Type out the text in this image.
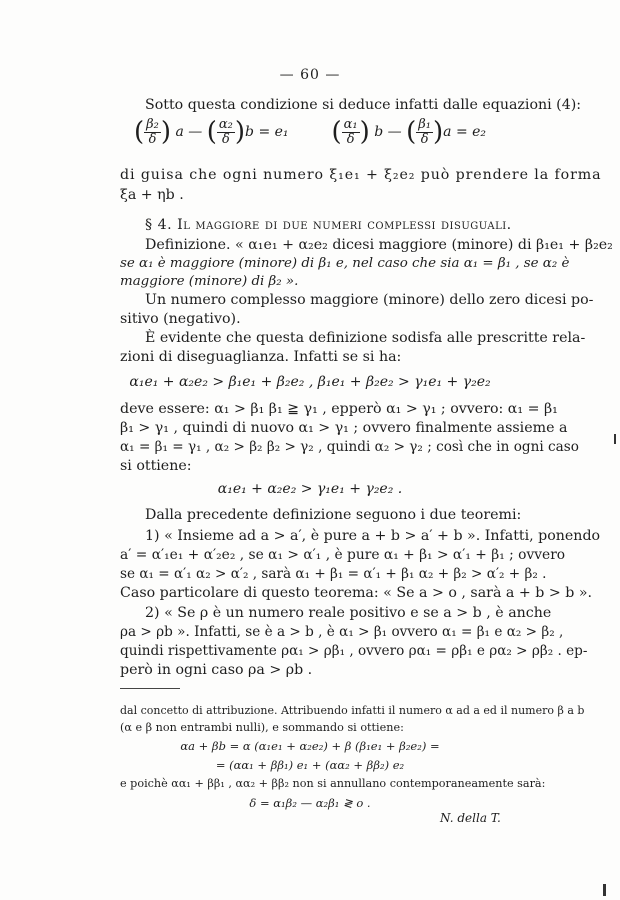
— 60 —
Sotto questa condizione si deduce infatti dalle equazioni (4):
( $\frac{\text{β₂}}{\delta}$ ) a — ( $\frac{\text{α₂}}{\delta} )b = e_1$ ( $\frac{\text{α₁}}{\delta}$ ) b — ( $\frac{\text{β₁}}{\delta} )a = e_2$
di guisa che ogni numero ξ₁e₁ + ξ₂e₂ può prendere la forma
ξa + ηb .
§ 4. Il maggiore di due numeri complessi disuguali.
Definizione. « α₁e₁ + α₂e₂ dicesi maggiore (minore) di β₁e₁ + β₂e₂
se α₁ è maggiore (minore) di β₁ e, nel caso che sia α₁ = β₁ , se α₂ è
maggiore (minore) di β₂ ».
Un numero complesso maggiore (minore) dello zero dicesi po-
sitivo (negativo).
È evidente che questa definizione sodisfa alle prescritte rela-
zioni di diseguaglianza. Infatti se si ha:
α₁e₁ + α₂e₂ > β₁e₁ + β₂e₂ , β₁e₁ + β₂e₂ > γ₁e₁ + γ₂e₂
deve essere: α₁ > β₁ β₁ ≧ γ₁ , epperò α₁ > γ₁ ; ovvero: α₁ = β₁
β₁ > γ₁ , quindi di nuovo α₁ > γ₁ ; ovvero finalmente assieme a
α₁ = β₁ = γ₁ , α₂ > β₂ β₂ > γ₂ , quindi α₂ > γ₂ ; così che in ogni caso
si ottiene:
α₁e₁ + α₂e₂ > γ₁e₁ + γ₂e₂ .
Dalla precedente definizione seguono i due teoremi:
1) « Insieme ad a > a′, è pure a + b > a′ + b ». Infatti, ponendo
a′ = α′₁e₁ + α′₂e₂ , se α₁ > α′₁ , è pure α₁ + β₁ > α′₁ + β₁ ; ovvero
se α₁ = α′₁ α₂ > α′₂ , sarà α₁ + β₁ = α′₁ + β₁ α₂ + β₂ > α′₂ + β₂ .
Caso particolare di questo teorema: « Se a > o , sarà a + b > b ».
dal concetto di attribuzione. Attribuendo infatti il numero α ad a ed il numero β a b
(α e β non entrambi nulli), e sommando si ottiene:
αa + βb = α (α₁e₁ + α₂e₂) + β (β₁e₁ + β₂e₂) =
= (αα₁ + ββ₁) e₁ + (αα₂ + ββ₂) e₂
e poichè αα₁ + ββ₁ , αα₂ + ββ₂ non si annullano contemporaneamente sarà:
δ = α₁β₂ — α₂β₁ ≷ o .
N. della T.
2) « Se ρ è un numero reale positivo e se a > b , è anche
ρa > ρb ». Infatti, se è a > b , è α₁ > β₁ ovvero α₁ = β₁ e α₂ > β₂ ,
quindi rispettivamente ρα₁ > ρβ₁ , ovvero ρα₁ = ρβ₁ e ρα₂ > ρβ₂ . ep-
però in ogni caso ρa > ρb .
